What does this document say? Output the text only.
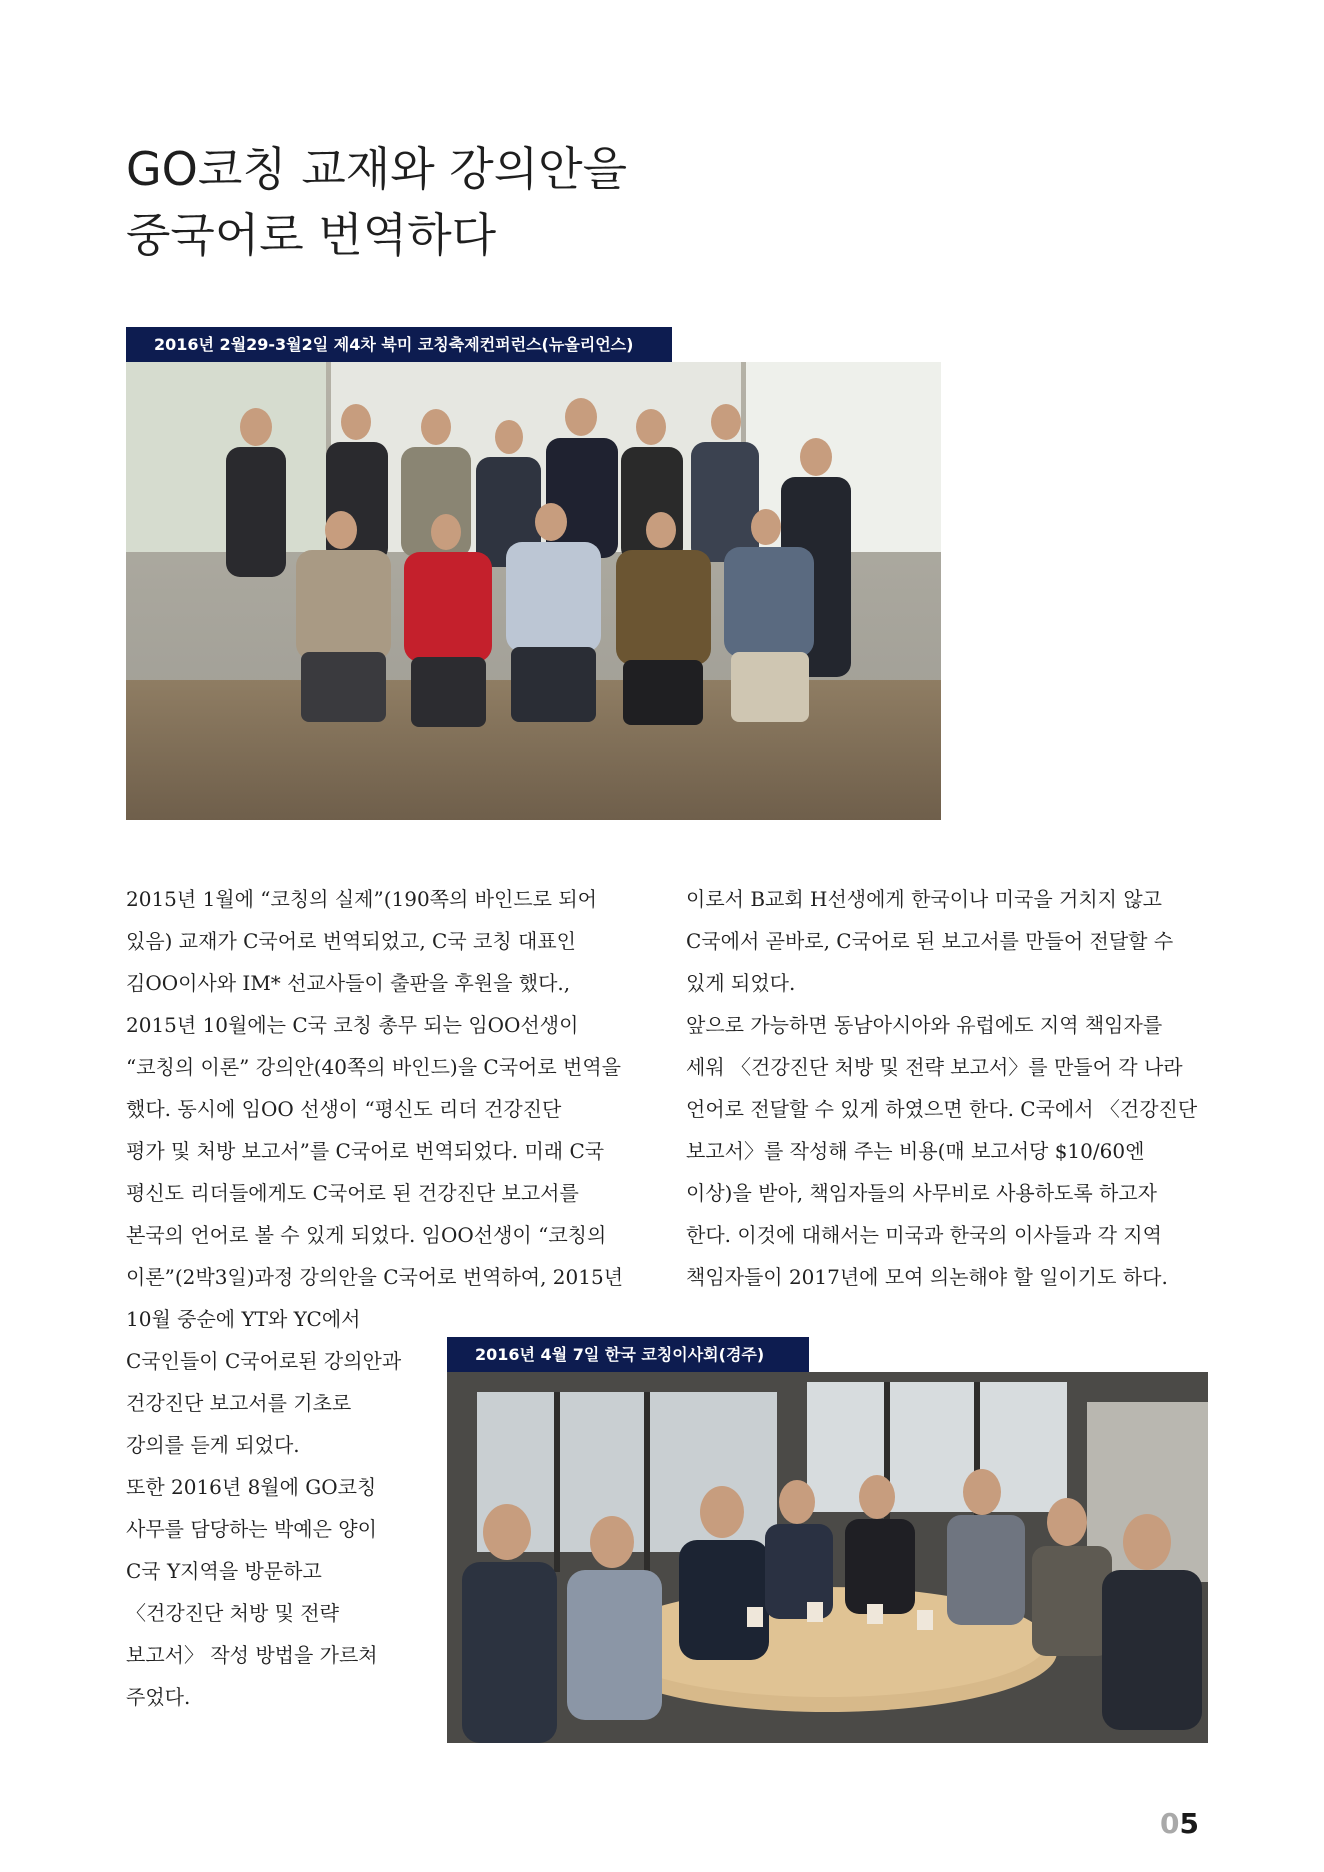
GO코칭 교재와 강의안을
중국어로 번역하다
2016년 2월29-3월2일 제4차 북미 코칭축제컨퍼런스(뉴올리언스)
2015년 1월에 “코칭의 실제”(190쪽의 바인드로 되어
있음) 교재가 C국어로 번역되었고, C국 코칭 대표인
김OO이사와 IM* 선교사들이 출판을 후원을 했다.,
2015년 10월에는 C국 코칭 총무 되는 임OO선생이
“코칭의 이론” 강의안(40쪽의 바인드)을 C국어로 번역을
했다. 동시에 임OO 선생이 “평신도 리더 건강진단
평가 및 처방 보고서”를 C국어로 번역되었다. 미래 C국
평신도 리더들에게도 C국어로 된 건강진단 보고서를
본국의 언어로 볼 수 있게 되었다. 임OO선생이 “코칭의
이론”(2박3일)과정 강의안을 C국어로 번역하여, 2015년
이로서 B교회 H선생에게 한국이나 미국을 거치지 않고
C국에서 곧바로, C국어로 된 보고서를 만들어 전달할 수
있게 되었다.
앞으로 가능하면 동남아시아와 유럽에도 지역 책임자를
세워 〈건강진단 처방 및 전략 보고서〉를 만들어 각 나라
언어로 전달할 수 있게 하였으면 한다. C국에서 〈건강진단
보고서〉를 작성해 주는 비용(매 보고서당 $10/60엔
이상)을 받아, 책임자들의 사무비로 사용하도록 하고자
한다. 이것에 대해서는 미국과 한국의 이사들과 각 지역
책임자들이 2017년에 모여 의논해야 할 일이기도 하다.
10월 중순에 YT와 YC에서
C국인들이 C국어로된 강의안과
건강진단 보고서를 기초로
강의를 듣게 되었다.
또한 2016년 8월에 GO코칭
사무를 담당하는 박예은 양이
C국 Y지역을 방문하고
〈건강진단 처방 및 전략
보고서〉 작성 방법을 가르쳐
주었다.
2016년 4월 7일 한국 코칭이사회(경주)
05
